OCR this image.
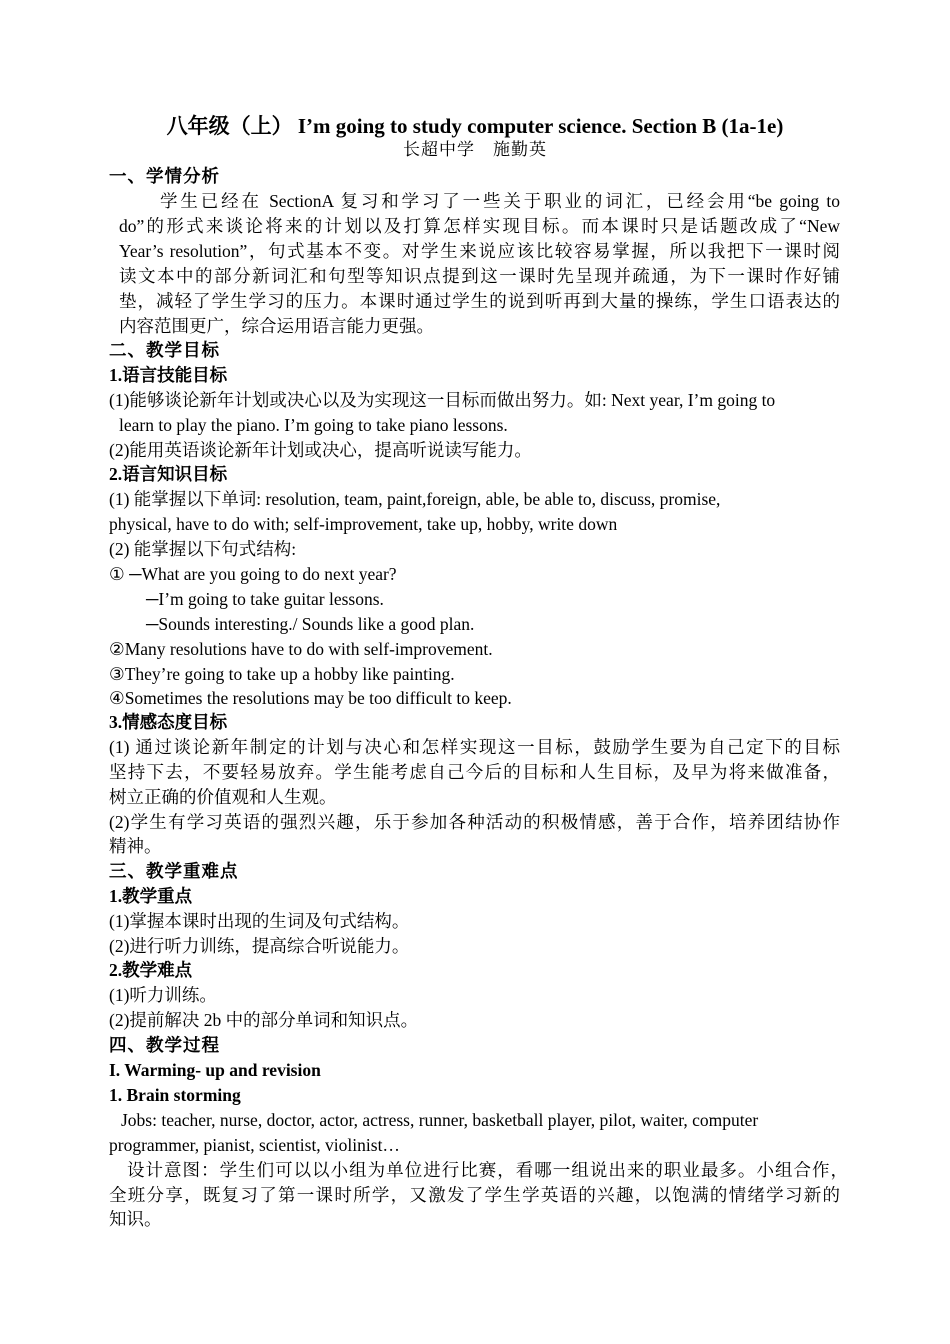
八年级（上） I’m going to study computer science. Section B (1a-1e)
长超中学　施勤英
一、学情分析
学生已经在 SectionA 复习和学习了一些关于职业的词汇，已经会用“be going to
do”的形式来谈论将来的计划以及打算怎样实现目标。而本课时只是话题改成了“New
Year’s resolution”，句式基本不变。对学生来说应该比较容易掌握，所以我把下一课时阅
读文本中的部分新词汇和句型等知识点提到这一课时先呈现并疏通，为下一课时作好铺
垫，减轻了学生学习的压力。本课时通过学生的说到听再到大量的操练，学生口语表达的
内容范围更广，综合运用语言能力更强。
二、教学目标
1.语言技能目标
(1)能够谈论新年计划或决心以及为实现这一目标而做出努力。如: Next year, I’m going to
learn to play the piano. I’m going to take piano lessons.
(2)能用英语谈论新年计划或决心，提高听说读写能力。
2.语言知识目标
(1) 能掌握以下单词: resolution, team, paint,foreign, able, be able to, discuss, promise,
physical, have to do with; self-improvement, take up, hobby, write down
(2) 能掌握以下句式结构:
① ─What are you going to do next year?
─I’m going to take guitar lessons.
─Sounds interesting./ Sounds like a good plan.
②Many resolutions have to do with self-improvement.
③They’re going to take up a hobby like painting.
④Sometimes the resolutions may be too difficult to keep.
3.情感态度目标
(1) 通过谈论新年制定的计划与决心和怎样实现这一目标，鼓励学生要为自己定下的目标
坚持下去，不要轻易放弃。学生能考虑自己今后的目标和人生目标，及早为将来做准备，
树立正确的价值观和人生观。
(2)学生有学习英语的强烈兴趣，乐于参加各种活动的积极情感，善于合作，培养团结协作
精神。
三、教学重难点
1.教学重点
(1)掌握本课时出现的生词及句式结构。
(2)进行听力训练，提高综合听说能力。
2.教学难点
(1)听力训练。
(2)提前解决 2b 中的部分单词和知识点。
四、教学过程
I. Warming- up and revision
1. Brain storming
Jobs: teacher, nurse, doctor, actor, actress, runner, basketball player, pilot, waiter, computer
programmer, pianist, scientist, violinist…
设计意图：学生们可以以小组为单位进行比赛，看哪一组说出来的职业最多。小组合作，
全班分享，既复习了第一课时所学，又激发了学生学英语的兴趣，以饱满的情绪学习新的
知识。
